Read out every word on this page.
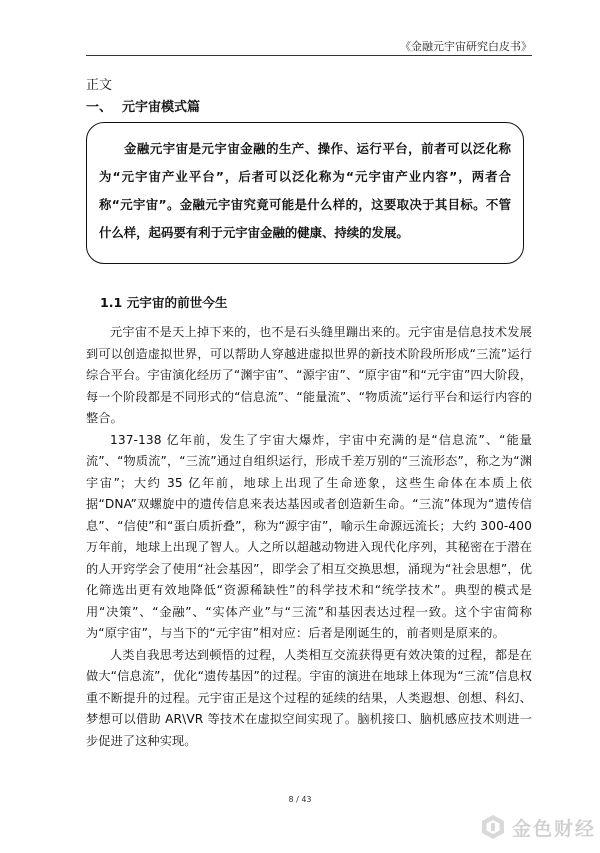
《金融元宇宙研究白皮书》
正文
一、 元宇宙模式篇

金融元宇宙是元宇宙金融的生产、操作、运行平台，前者可以泛化称为“元宇宙产业平台”，后者可以泛化称为“元宇宙产业内容”，两者合称“元宇宙”。金融元宇宙究竟可能是什么样的，这要取决于其目标。不管什么样，起码要有利于元宇宙金融的健康、持续的发展。

1.1 元宇宙的前世今生

元宇宙不是天上掉下来的，也不是石头缝里蹦出来的。元宇宙是信息技术发展到可以创造虚拟世界，可以帮助人穿越进虚拟世界的新技术阶段所形成“三流”运行综合平台。宇宙演化经历了“渊宇宙”、“源宇宙”、“原宇宙”和“元宇宙”四大阶段，每一个阶段都是不同形式的“信息流”、“能量流”、“物质流”运行平台和运行内容的整合。

137-138 亿年前，发生了宇宙大爆炸，宇宙中充满的是“信息流”、“能量流”、“物质流”，“三流”通过自组织运行，形成千差万别的“三流形态”，称之为“渊宇宙”；大约 35 亿年前，地球上出现了生命迹象，这些生命体在本质上依据“DNA”双螺旋中的遗传信息来表达基因或者创造新生命。“三流”体现为“遗传信息”、“信使”和“蛋白质折叠”，称为“源宇宙”，喻示生命源远流长；大约 300-400 万年前，地球上出现了智人。人之所以超越动物进入现代化序列，其秘密在于潜在的人开窍学会了使用“社会基因”，即学会了相互交换思想，涌现为“社会思想”，优化筛选出更有效地降低“资源稀缺性”的科学技术和“统学技术”。典型的模式是用“决策”、“金融”、“实体产业”与“三流”和基因表达过程一致。这个宇宙简称为“原宇宙”，与当下的“元宇宙”相对应：后者是刚诞生的，前者则是原来的。

人类自我思考达到顿悟的过程，人类相互交流获得更有效决策的过程，都是在做大“信息流”，优化“遗传基因”的过程。宇宙的演进在地球上体现为“三流”信息权重不断提升的过程。元宇宙正是这个过程的延续的结果，人类遐想、创想、科幻、梦想可以借助 AR\VR 等技术在虚拟空间实现了。脑机接口、脑机感应技术则进一步促进了这种实现。

8 / 43
金色财经
